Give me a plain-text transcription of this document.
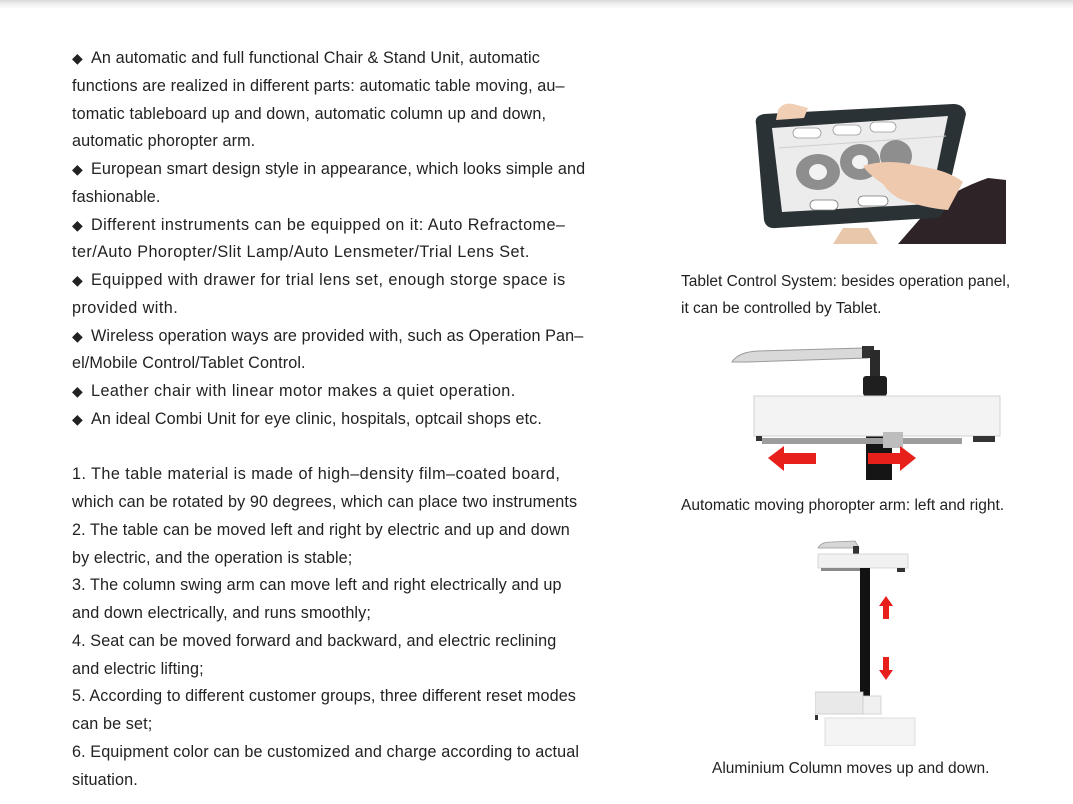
◆ An automatic and full functional Chair & Stand Unit, automatic
functions are realized in different parts: automatic table moving, au–
tomatic tableboard up and down, automatic column up and down,
automatic phoropter arm.

◆ European smart design style in appearance, which looks simple and
fashionable.

◆ Different instruments can be equipped on it: Auto Refractome–
ter/Auto Phoropter/Slit Lamp/Auto Lensmeter/Trial Lens Set.

◆ Equipped with drawer for trial lens set, enough storge space is
provided with.

◆ Wireless operation ways are provided with, such as Operation Pan–
el/Mobile Control/Tablet Control.

◆ Leather chair with linear motor makes a quiet operation.

◆ An ideal Combi Unit for eye clinic, hospitals, optcail shops etc.

1. The table material is made of high–density film–coated board,
which can be rotated by 90 degrees, which can place two instruments

2. The table can be moved left and right by electric and up and down
by electric, and the operation is stable;

3. The column swing arm can move left and right electrically and up
and down electrically, and runs smoothly;

4. Seat can be moved forward and backward, and electric reclining
and electric lifting;

5. According to different customer groups, three different reset modes
can be set;

6. Equipment color can be customized and charge according to actual
situation.

Tablet Control System: besides operation panel,
it can be controlled by Tablet.
Automatic moving phoropter arm: left and right.
Aluminium Column moves up and down.
